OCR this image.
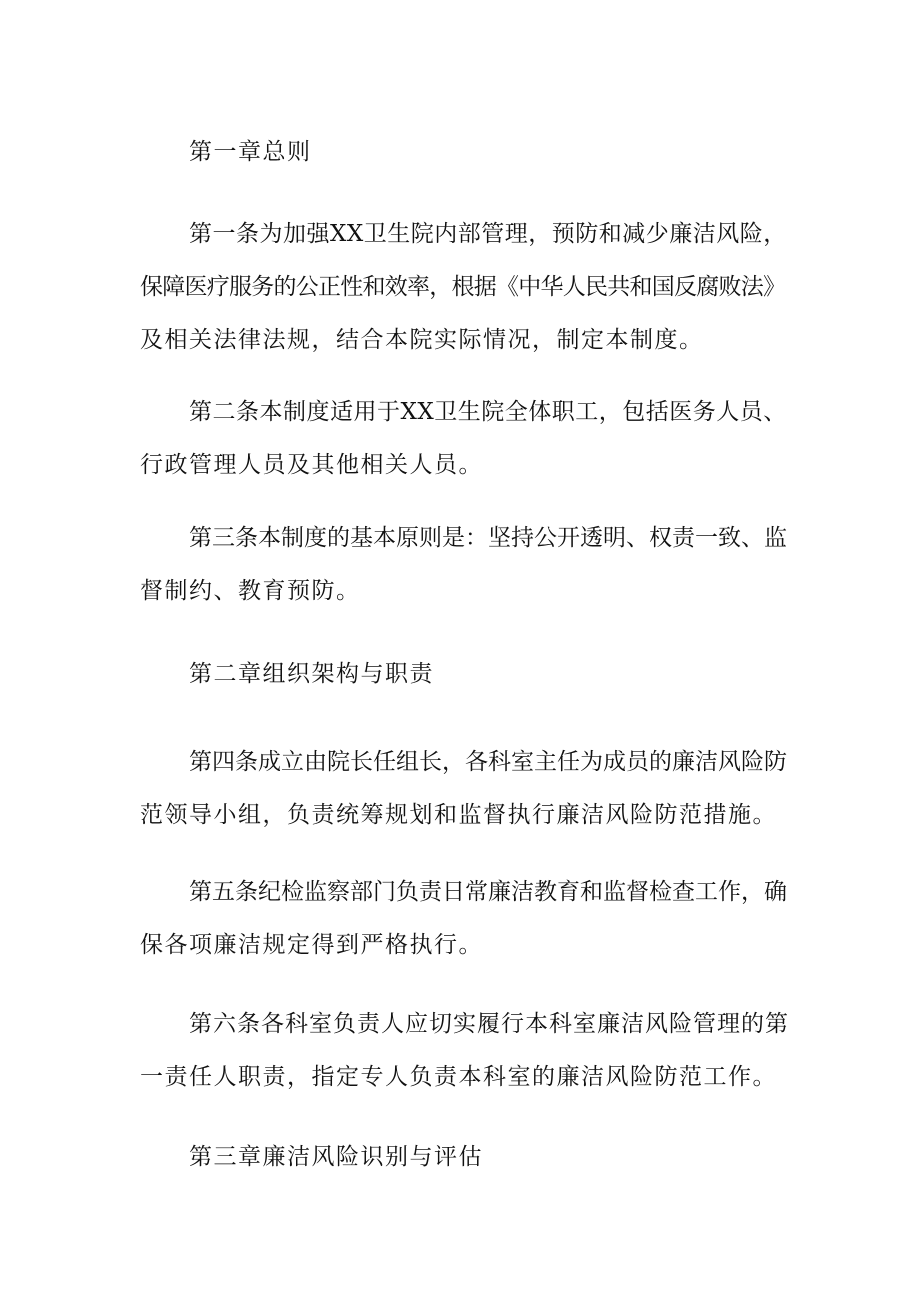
第一章总则
第一条为加强XX卫生院内部管理，预防和减少廉洁风险，
保障医疗服务的公正性和效率，根据《中华人民共和国反腐败法》
及相关法律法规，结合本院实际情况，制定本制度。
第二条本制度适用于XX卫生院全体职工，包括医务人员、
行政管理人员及其他相关人员。
第三条本制度的基本原则是：坚持公开透明、权责一致、监
督制约、教育预防。
第二章组织架构与职责
第四条成立由院长任组长，各科室主任为成员的廉洁风险防
范领导小组，负责统筹规划和监督执行廉洁风险防范措施。
第五条纪检监察部门负责日常廉洁教育和监督检查工作，确
保各项廉洁规定得到严格执行。
第六条各科室负责人应切实履行本科室廉洁风险管理的第
一责任人职责，指定专人负责本科室的廉洁风险防范工作。
第三章廉洁风险识别与评估
